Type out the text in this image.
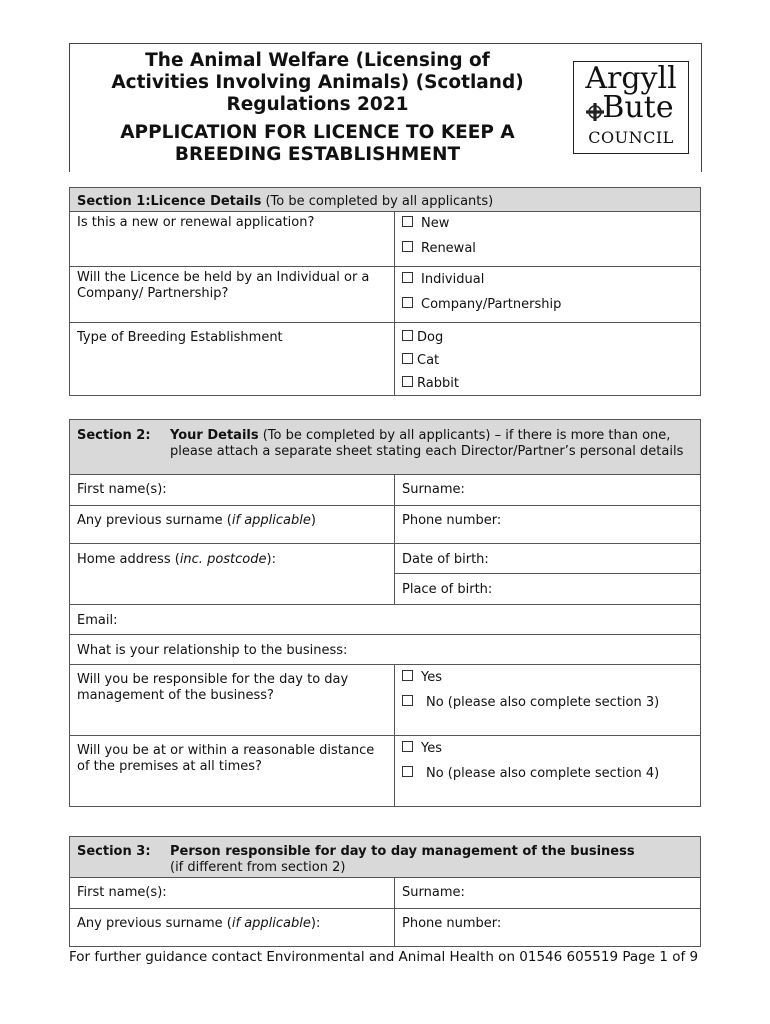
The Animal Welfare (Licensing of
Activities Involving Animals) (Scotland)
Regulations 2021
APPLICATION FOR LICENCE TO KEEP A
BREEDING ESTABLISHMENT
Argyll
Bute
COUNCIL
Section 1:Licence Details (To be completed by all applicants)	
Is this a new or renewal application?	New
Renewal

Will the Licence be held by an Individual or a Company/ Partnership?	Individual
Company/Partnership

Type of Breeding Establishment	Dog
Cat
Rabbit
Section 2: Your Details (To be completed by all applicants) – if there is more than one, please attach a separate sheet stating each Director/Partner’s personal details	

First name(s):	Surname:
Any previous surname (if applicable)	Phone number:
Home address (inc. postcode):	Date of birth:
	Place of birth:
Email:	
What is your relationship to the business:	
Will you be responsible for the day to day management of the business?	Yes
No (please also complete section 3)

Will you be at or within a reasonable distance of the premises at all times?	Yes
No (please also complete section 4)
Section 3: Person responsible for day to day management of the business
(if different from section 2)	

First name(s):	Surname:
Any previous surname (if applicable):	Phone number:
For further guidance contact Environmental and Animal Health on 01546 605519 Page 1 of 9
